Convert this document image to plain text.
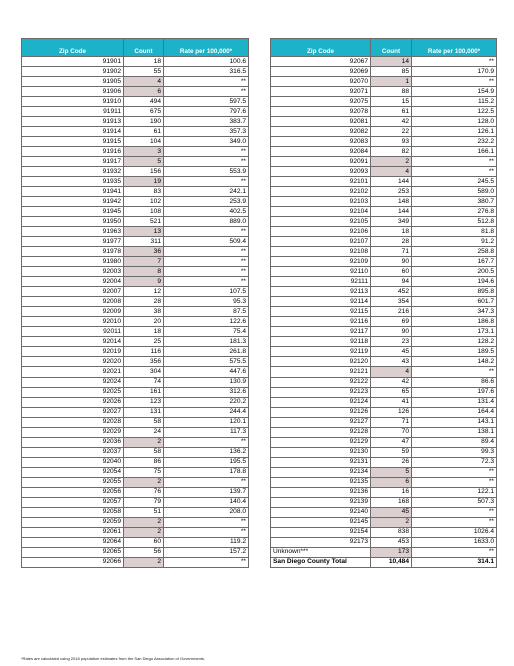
Zip Code	Count	Rate per 100,000*
91901	18	100.6
91902	55	316.5
91905	4	**
91906	6	**
91910	494	597.5
91911	675	797.6
91913	190	383.7
91914	61	357.3
91915	104	349.0
91916	3	**
91917	5	**
91932	156	553.9
91935	19	**
91941	83	242.1
91942	102	253.9
91945	108	402.5
91950	521	889.0
91963	13	**
91977	311	509.4
91978	36	**
91980	7	**
92003	8	**
92004	9	**
92007	12	107.5
92008	28	95.3
92009	38	87.5
92010	20	122.6
92011	18	75.4
92014	25	181.3
92019	116	261.8
92020	356	575.5
92021	304	447.6
92024	74	130.9
92025	161	312.6
92026	123	220.2
92027	131	244.4
92028	58	120.1
92029	24	117.3
92036	2	**
92037	58	136.2
92040	86	195.5
92054	75	178.8
92055	2	**
92056	76	139.7
92057	79	140.4
92058	51	208.0
92059	2	**
92061	2	**
92064	60	119.2
92065	56	157.2
92066	2	**
Zip Code	Count	Rate per 100,000*
92067	14	**
92069	85	170.9
92070	1	**
92071	88	154.9
92075	15	115.2
92078	61	122.5
92081	42	128.0
92082	22	126.1
92083	93	232.2
92084	82	166.1
92091	2	**
92093	4	**
92101	144	245.5
92102	253	589.0
92103	148	380.7
92104	144	276.8
92105	349	512.8
92106	18	81.8
92107	28	91.2
92108	71	258.8
92109	90	167.7
92110	60	200.5
92111	94	194.6
92113	452	895.8
92114	354	601.7
92115	216	347.3
92116	69	186.8
92117	90	173.1
92118	23	128.2
92119	45	189.5
92120	43	148.2
92121	4	**
92122	42	86.6
92123	65	197.6
92124	41	131.4
92126	126	164.4
92127	71	143.1
92128	70	138.1
92129	47	89.4
92130	59	99.3
92131	26	72.3
92134	5	**
92135	6	**
92136	16	122.1
92139	168	507.3
92140	45	**
92145	2	**
92154	838	1026.4
92173	453	1633.0
Unknown***	173	**
San Diego County Total	10,484	314.1
*Rates are calculated using 2018 population estimates from the San Diego Association of Governments.
